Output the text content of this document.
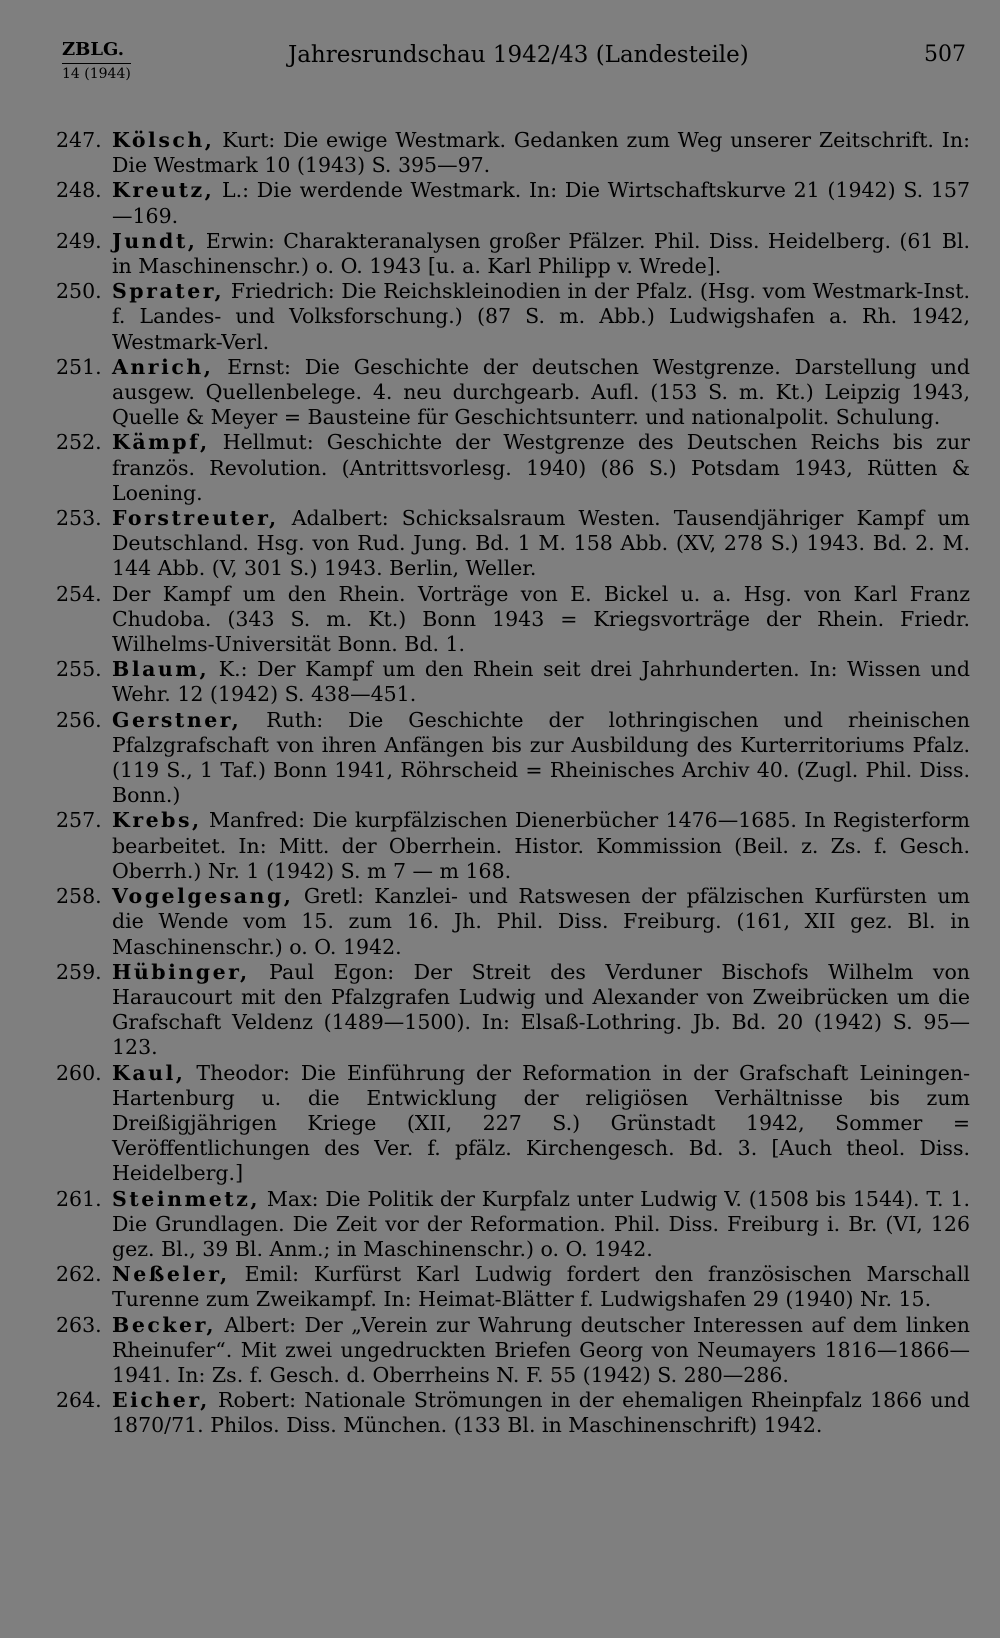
ZBLG.
14 (1944)
Jahresrundschau 1942/43 (Landesteile)	507
247. Kölsch, Kurt: Die ewige Westmark. Gedanken zum Weg unserer Zeitschrift. In: Die Westmark 10 (1943) S. 395—97.
248. Kreutz, L.: Die werdende Westmark. In: Die Wirtschaftskurve 21 (1942) S. 157—169.
249. Jundt, Erwin: Charakteranalysen großer Pfälzer. Phil. Diss. Heidelberg. (61 Bl. in Maschinenschr.) o. O. 1943 [u. a. Karl Philipp v. Wrede].
250. Sprater, Friedrich: Die Reichskleinodien in der Pfalz. (Hsg. vom Westmark-Inst. f. Landes- und Volksforschung.) (87 S. m. Abb.) Ludwigshafen a. Rh. 1942, Westmark-Verl.
251. Anrich, Ernst: Die Geschichte der deutschen Westgrenze. Darstellung und ausgew. Quellenbelege. 4. neu durchgearb. Aufl. (153 S. m. Kt.) Leipzig 1943, Quelle & Meyer = Bausteine für Geschichtsunterr. und nationalpolit. Schulung.
252. Kämpf, Hellmut: Geschichte der Westgrenze des Deutschen Reichs bis zur französ. Revolution. (Antrittsvorlesg. 1940) (86 S.) Potsdam 1943, Rütten & Loening.
253. Forstreuter, Adalbert: Schicksalsraum Westen. Tausendjähriger Kampf um Deutschland. Hsg. von Rud. Jung. Bd. 1 M. 158 Abb. (XV, 278 S.) 1943. Bd. 2. M. 144 Abb. (V, 301 S.) 1943. Berlin, Weller.
254. Der Kampf um den Rhein. Vorträge von E. Bickel u. a. Hsg. von Karl Franz Chudoba. (343 S. m. Kt.) Bonn 1943 = Kriegsvorträge der Rhein. Friedr. Wilhelms-Universität Bonn. Bd. 1.
255. Blaum, K.: Der Kampf um den Rhein seit drei Jahrhunderten. In: Wissen und Wehr. 12 (1942) S. 438—451.
256. Gerstner, Ruth: Die Geschichte der lothringischen und rheinischen Pfalzgrafschaft von ihren Anfängen bis zur Ausbildung des Kurterritoriums Pfalz. (119 S., 1 Taf.) Bonn 1941, Röhrscheid = Rheinisches Archiv 40. (Zugl. Phil. Diss. Bonn.)
257. Krebs, Manfred: Die kurpfälzischen Dienerbücher 1476—1685. In Registerform bearbeitet. In: Mitt. der Oberrhein. Histor. Kommission (Beil. z. Zs. f. Gesch. Oberrh.) Nr. 1 (1942) S. m 7 — m 168.
258. Vogelgesang, Gretl: Kanzlei- und Ratswesen der pfälzischen Kurfürsten um die Wende vom 15. zum 16. Jh. Phil. Diss. Freiburg. (161, XII gez. Bl. in Maschinenschr.) o. O. 1942.
259. Hübinger, Paul Egon: Der Streit des Verduner Bischofs Wilhelm von Haraucourt mit den Pfalzgrafen Ludwig und Alexander von Zweibrücken um die Grafschaft Veldenz (1489—1500). In: Elsaß-Lothring. Jb. Bd. 20 (1942) S. 95—123.
260. Kaul, Theodor: Die Einführung der Reformation in der Grafschaft Leiningen-Hartenburg u. die Entwicklung der religiösen Verhältnisse bis zum Dreißigjährigen Kriege (XII, 227 S.) Grünstadt 1942, Sommer = Veröffentlichungen des Ver. f. pfälz. Kirchengesch. Bd. 3. [Auch theol. Diss. Heidelberg.]
261. Steinmetz, Max: Die Politik der Kurpfalz unter Ludwig V. (1508 bis 1544). T. 1. Die Grundlagen. Die Zeit vor der Reformation. Phil. Diss. Freiburg i. Br. (VI, 126 gez. Bl., 39 Bl. Anm.; in Maschinenschr.) o. O. 1942.
262. Neßeler, Emil: Kurfürst Karl Ludwig fordert den französischen Marschall Turenne zum Zweikampf. In: Heimat-Blätter f. Ludwigshafen 29 (1940) Nr. 15.
263. Becker, Albert: Der „Verein zur Wahrung deutscher Interessen auf dem linken Rheinufer“. Mit zwei ungedruckten Briefen Georg von Neumayers 1816—1866—1941. In: Zs. f. Gesch. d. Oberrheins N. F. 55 (1942) S. 280—286.
264. Eicher, Robert: Nationale Strömungen in der ehemaligen Rheinpfalz 1866 und 1870/71. Philos. Diss. München. (133 Bl. in Maschinenschrift) 1942.
